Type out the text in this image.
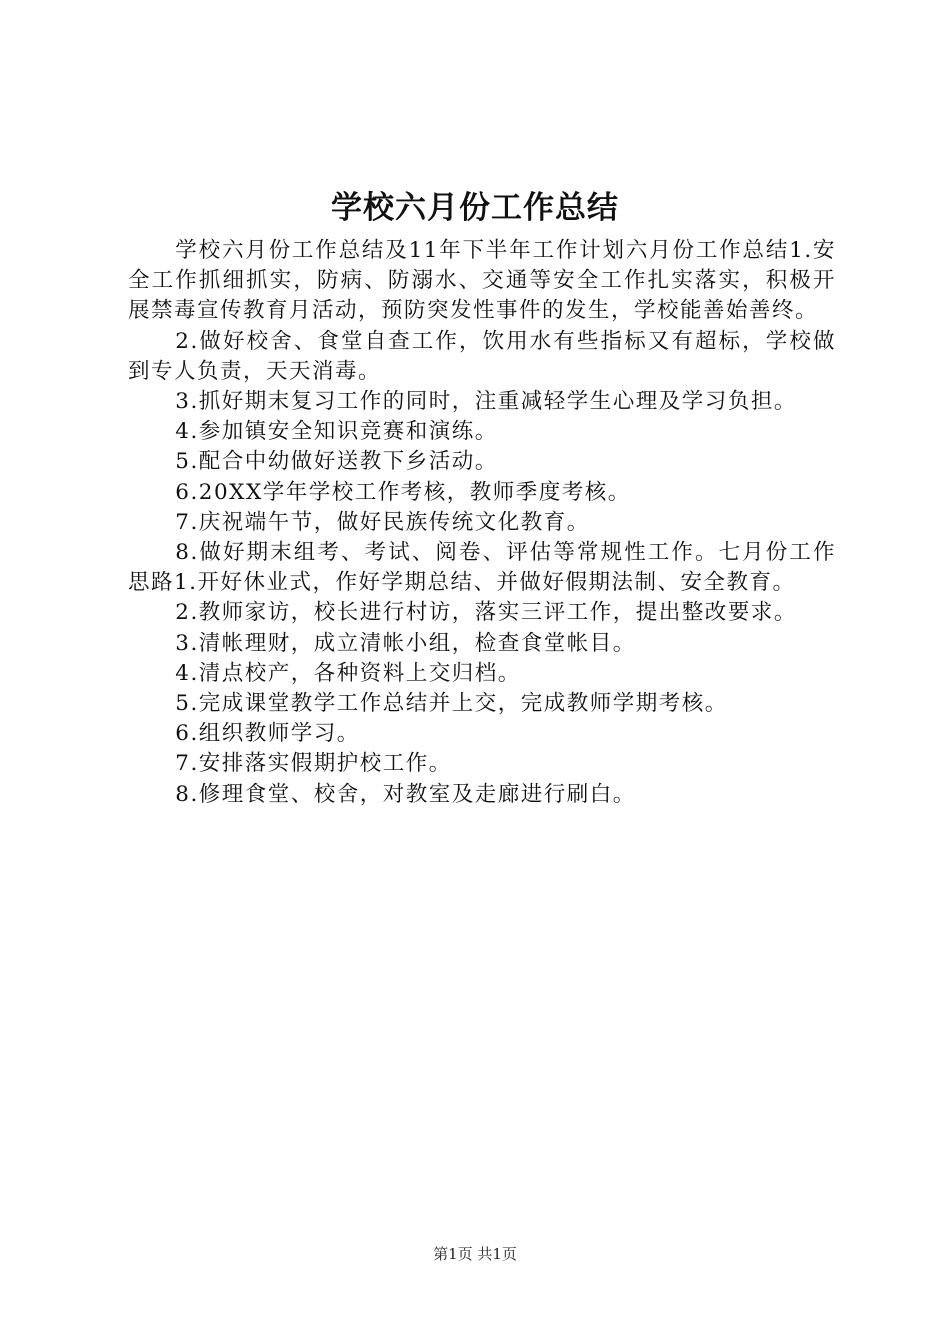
学校六月份工作总结

学校六月份工作总结及11年下半年工作计划六月份工作总结1.安全工作抓细抓实，防病、防溺水、交通等安全工作扎实落实，积极开展禁毒宣传教育月活动，预防突发性事件的发生，学校能善始善终。

2.做好校舍、食堂自查工作，饮用水有些指标又有超标，学校做到专人负责，天天消毒。

3.抓好期末复习工作的同时，注重减轻学生心理及学习负担。

4.参加镇安全知识竞赛和演练。

5.配合中幼做好送教下乡活动。

6.20XX学年学校工作考核，教师季度考核。

7.庆祝端午节，做好民族传统文化教育。

8.做好期末组考、考试、阅卷、评估等常规性工作。七月份工作思路1.开好休业式，作好学期总结、并做好假期法制、安全教育。

2.教师家访，校长进行村访，落实三评工作，提出整改要求。

3.清帐理财，成立清帐小组，检查食堂帐目。

4.清点校产，各种资料上交归档。

5.完成课堂教学工作总结并上交，完成教师学期考核。

6.组织教师学习。

7.安排落实假期护校工作。

8.修理食堂、校舍，对教室及走廊进行刷白。

第1页 共1页
